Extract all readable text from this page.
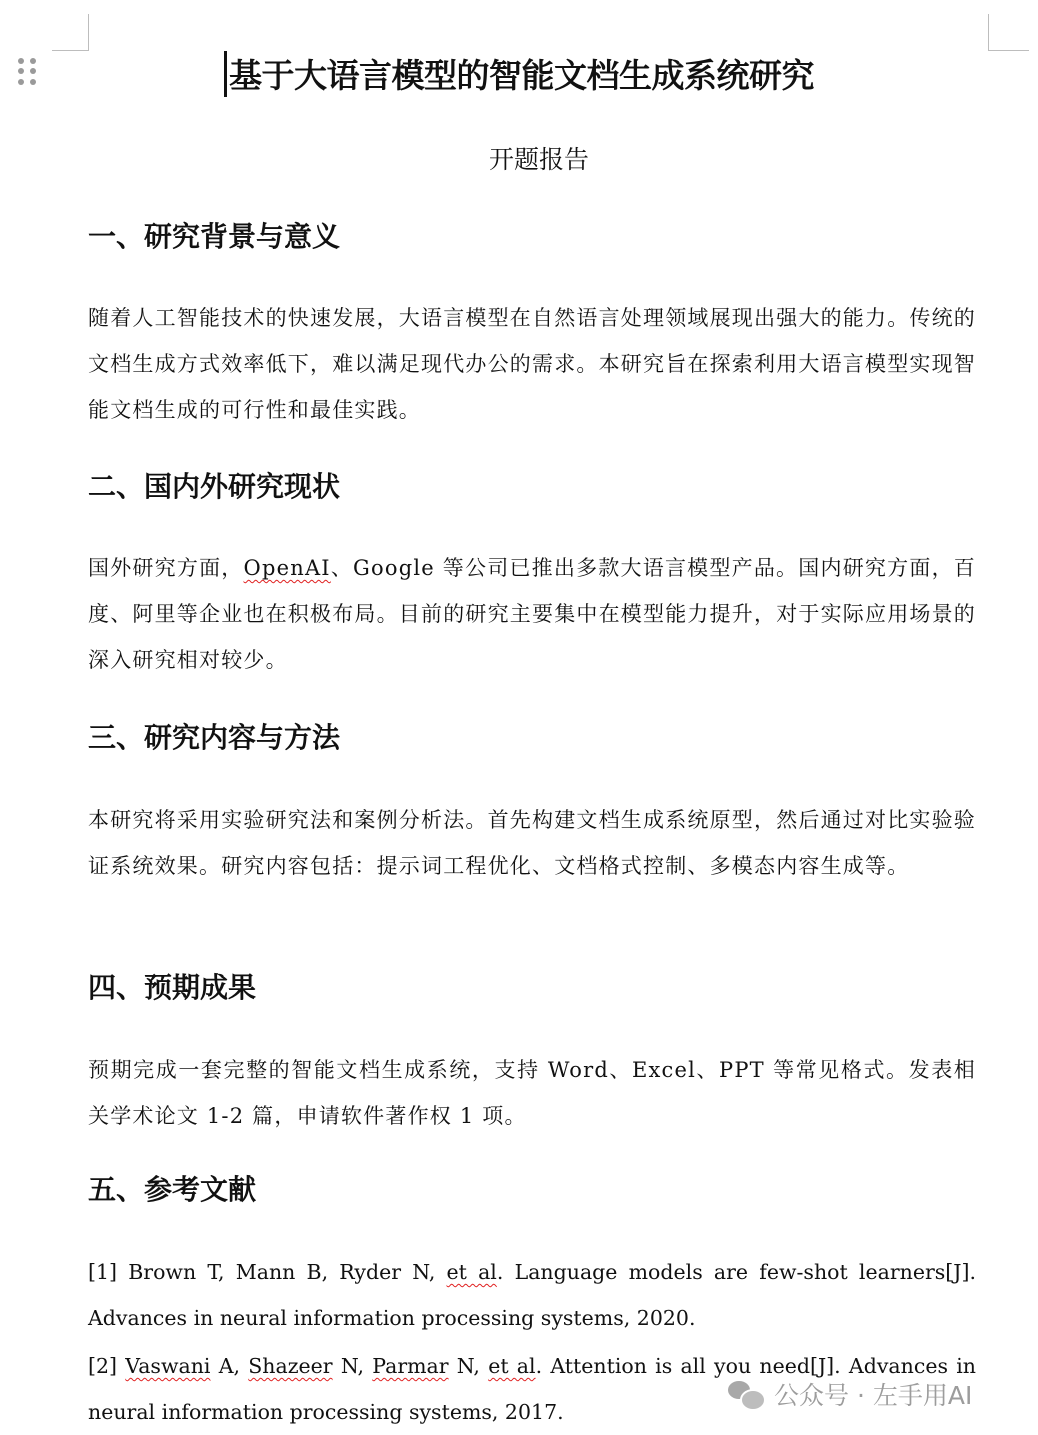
基于大语言模型的智能文档生成系统研究
开题报告
一、研究背景与意义

随着人工智能技术的快速发展，大语言模型在自然语言处理领域展现出强大的能力。传统的文档生成方式效率低下，难以满足现代办公的需求。本研究旨在探索利用大语言模型实现智能文档生成的可行性和最佳实践。

二、国内外研究现状

国外研究方面，OpenAI、Google 等公司已推出多款大语言模型产品。国内研究方面，百度、阿里等企业也在积极布局。目前的研究主要集中在模型能力提升，对于实际应用场景的深入研究相对较少。

三、研究内容与方法

本研究将采用实验研究法和案例分析法。首先构建文档生成系统原型，然后通过对比实验验证系统效果。研究内容包括：提示词工程优化、文档格式控制、多模态内容生成等。

四、预期成果

预期完成一套完整的智能文档生成系统，支持 Word、Excel、PPT 等常见格式。发表相关学术论文 1-2 篇，申请软件著作权 1 项。

五、参考文献

[1] Brown T, Mann B, Ryder N, et al. Language models are few-shot learners[J]. Advances in neural information processing systems, 2020.

[2] Vaswani A, Shazeer N, Parmar N, et al. Attention is all you need[J]. Advances in neural information processing systems, 2017.

公众号 · 左手用AI
